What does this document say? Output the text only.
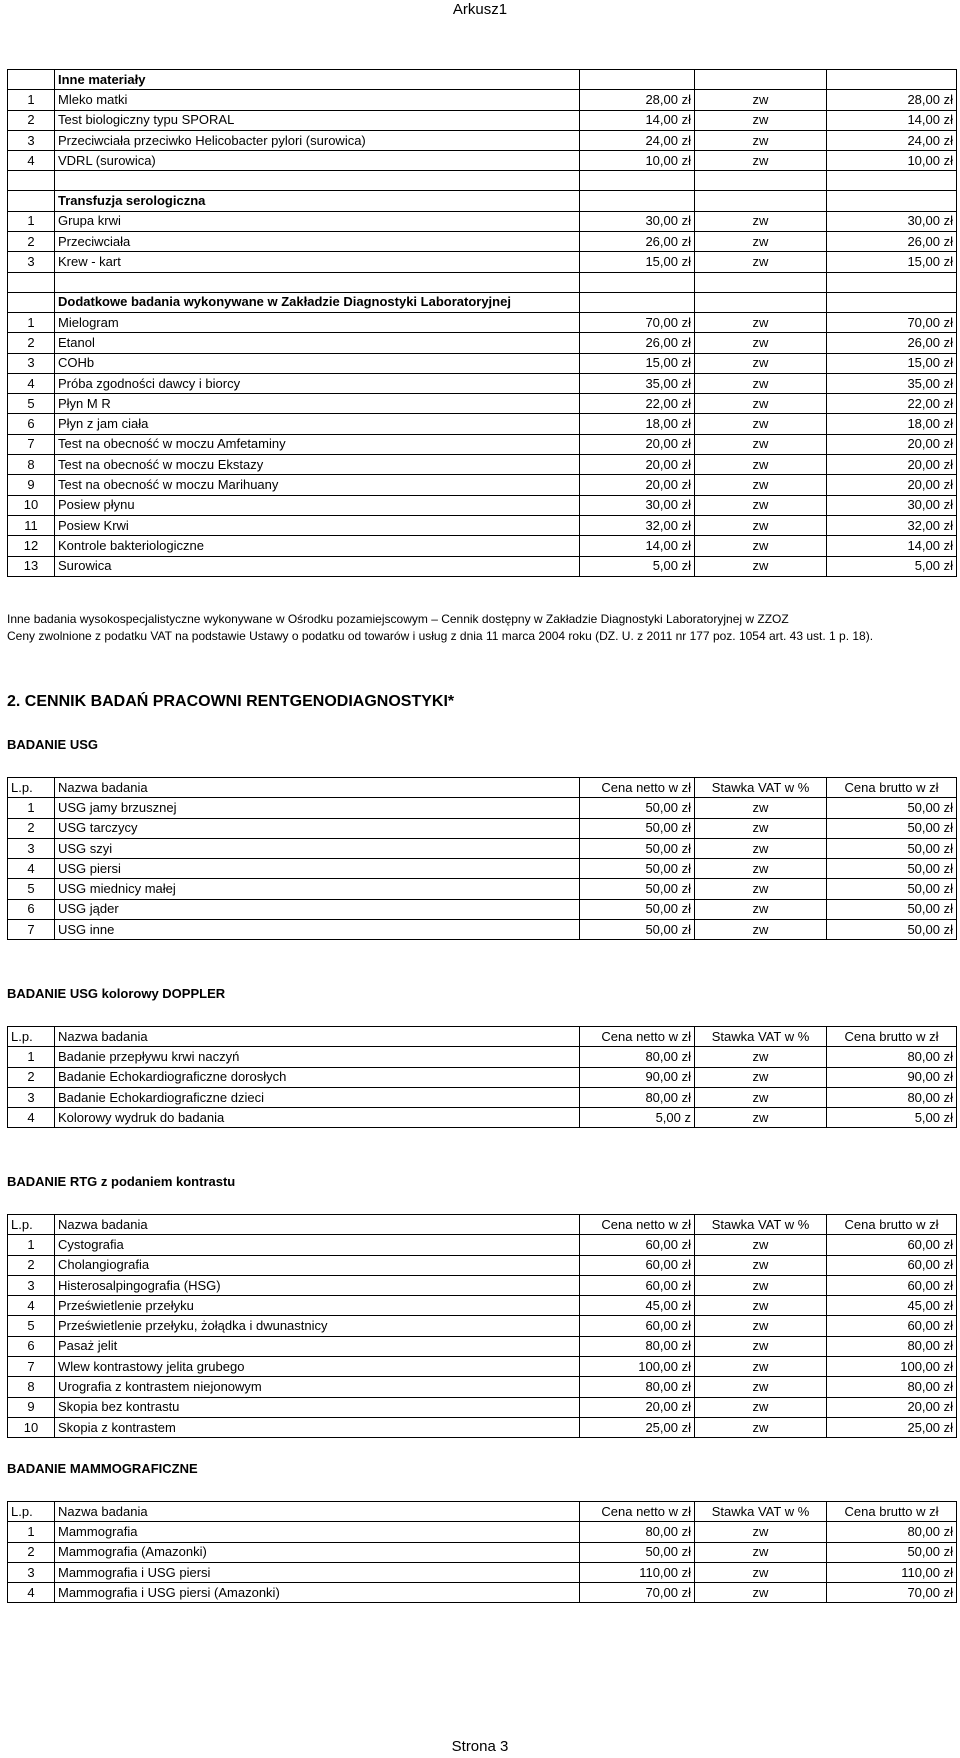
Arkusz1
	Inne materiały			
1	Mleko matki	28,00 zł	zw	28,00 zł
2	Test biologiczny typu SPORAL	14,00 zł	zw	14,00 zł
3	Przeciwciała przeciwko Helicobacter pylori (surowica)	24,00 zł	zw	24,00 zł
4	VDRL (surowica)	10,00 zł	zw	10,00 zł

	Transfuzja serologiczna			
1	Grupa krwi	30,00 zł	zw	30,00 zł
2	Przeciwciała	26,00 zł	zw	26,00 zł
3	Krew - kart	15,00 zł	zw	15,00 zł

	Dodatkowe badania wykonywane w Zakładzie Diagnostyki Laboratoryjnej			
1	Mielogram	70,00 zł	zw	70,00 zł
2	Etanol	26,00 zł	zw	26,00 zł
3	COHb	15,00 zł	zw	15,00 zł
4	Próba zgodności dawcy i biorcy	35,00 zł	zw	35,00 zł
5	Płyn M R	22,00 zł	zw	22,00 zł
6	Płyn z jam ciała	18,00 zł	zw	18,00 zł
7	Test na obecność w moczu Amfetaminy	20,00 zł	zw	20,00 zł
8	Test na obecność w moczu Ekstazy	20,00 zł	zw	20,00 zł
9	Test na obecność w moczu Marihuany	20,00 zł	zw	20,00 zł
10	Posiew płynu	30,00 zł	zw	30,00 zł
11	Posiew Krwi	32,00 zł	zw	32,00 zł
12	Kontrole bakteriologiczne	14,00 zł	zw	14,00 zł
13	Surowica	5,00 zł	zw	5,00 zł
Inne badania wysokospecjalistyczne wykonywane w Ośrodku pozamiejscowym – Cennik dostępny w Zakładzie Diagnostyki Laboratoryjnej w ZZOZ
Ceny zwolnione z podatku VAT na podstawie Ustawy o podatku od towarów i usług z dnia 11 marca 2004 roku (DZ. U. z 2011 nr 177 poz. 1054 art. 43 ust. 1 p. 18).
2. CENNIK BADAŃ PRACOWNI RENTGENODIAGNOSTYKI*
BADANIE USG
L.p.	Nazwa badania	Cena netto w zł	Stawka VAT w %	Cena brutto w zł
1	USG jamy brzusznej	50,00 zł	zw	50,00 zł
2	USG tarczycy	50,00 zł	zw	50,00 zł
3	USG szyi	50,00 zł	zw	50,00 zł
4	USG piersi	50,00 zł	zw	50,00 zł
5	USG miednicy małej	50,00 zł	zw	50,00 zł
6	USG jąder	50,00 zł	zw	50,00 zł
7	USG inne	50,00 zł	zw	50,00 zł
BADANIE USG kolorowy DOPPLER
L.p.	Nazwa badania	Cena netto w zł	Stawka VAT w %	Cena brutto w zł
1	Badanie przepływu krwi naczyń	80,00 zł	zw	80,00 zł
2	Badanie Echokardiograficzne dorosłych	90,00 zł	zw	90,00 zł
3	Badanie Echokardiograficzne dzieci	80,00 zł	zw	80,00 zł
4	Kolorowy wydruk do badania	5,00 z	zw	5,00 zł
BADANIE RTG z podaniem kontrastu
L.p.	Nazwa badania	Cena netto w zł	Stawka VAT w %	Cena brutto w zł
1	Cystografia	60,00 zł	zw	60,00 zł
2	Cholangiografia	60,00 zł	zw	60,00 zł
3	Histerosalpingografia (HSG)	60,00 zł	zw	60,00 zł
4	Prześwietlenie przełyku	45,00 zł	zw	45,00 zł
5	Prześwietlenie przełyku, żołądka i dwunastnicy	60,00 zł	zw	60,00 zł
6	Pasaż jelit	80,00 zł	zw	80,00 zł
7	Wlew kontrastowy jelita grubego	100,00 zł	zw	100,00 zł
8	Urografia z kontrastem niejonowym	80,00 zł	zw	80,00 zł
9	Skopia bez kontrastu	20,00 zł	zw	20,00 zł
10	Skopia z kontrastem	25,00 zł	zw	25,00 zł
BADANIE MAMMOGRAFICZNE
L.p.	Nazwa badania	Cena netto w zł	Stawka VAT w %	Cena brutto w zł
1	Mammografia	80,00 zł	zw	80,00 zł
2	Mammografia (Amazonki)	50,00 zł	zw	50,00 zł
3	Mammografia i USG piersi	110,00 zł	zw	110,00 zł
4	Mammografia i USG piersi (Amazonki)	70,00 zł	zw	70,00 zł
Strona 3
